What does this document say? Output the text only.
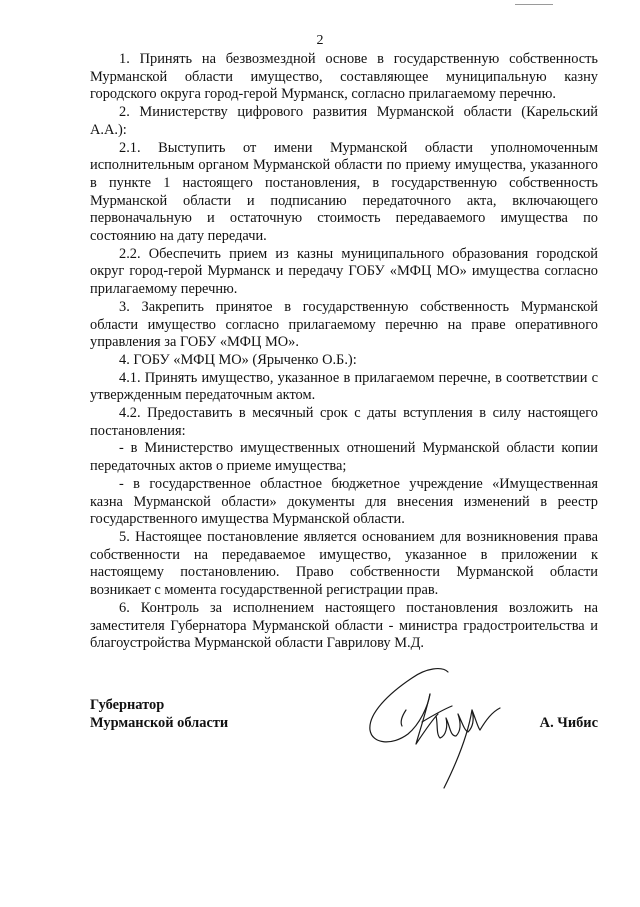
2

1. Принять на безвозмездной основе в государственную собственность Мурманской области имущество, составляющее муниципальную казну городского округа город-герой Мурманск, согласно прилагаемому перечню.

2. Министерству цифрового развития Мурманской области (Карельский А.А.):

2.1. Выступить от имени Мурманской области уполномоченным исполнительным органом Мурманской области по приему имущества, указанного в пункте 1 настоящего постановления, в государственную собственность Мурманской области и подписанию передаточного акта, включающего первоначальную и остаточную стоимость передаваемого имущества по состоянию на дату передачи.

2.2. Обеспечить прием из казны муниципального образования городской округ город-герой Мурманск и передачу ГОБУ «МФЦ МО» имущества согласно прилагаемому перечню.

3. Закрепить принятое в государственную собственность Мурманской области имущество согласно прилагаемому перечню на праве оперативного управления за ГОБУ «МФЦ МО».

4. ГОБУ «МФЦ МО» (Ярыченко О.Б.):

4.1. Принять имущество, указанное в прилагаемом перечне, в соответствии с утвержденным передаточным актом.

4.2. Предоставить в месячный срок с даты вступления в силу настоящего постановления:

- в Министерство имущественных отношений Мурманской области копии передаточных актов о приеме имущества;

- в государственное областное бюджетное учреждение «Имущественная казна Мурманской области» документы для внесения изменений в реестр государственного имущества Мурманской области.

5. Настоящее постановление является основанием для возникновения права собственности на передаваемое имущество, указанное в приложении к настоящему постановлению. Право собственности Мурманской области возникает с момента государственной регистрации прав.

6. Контроль за исполнением настоящего постановления возложить на заместителя Губернатора Мурманской области - министра градостроительства и благоустройства Мурманской области Гаврилову М.Д.

Губернатор
Мурманской области	А. Чибис
